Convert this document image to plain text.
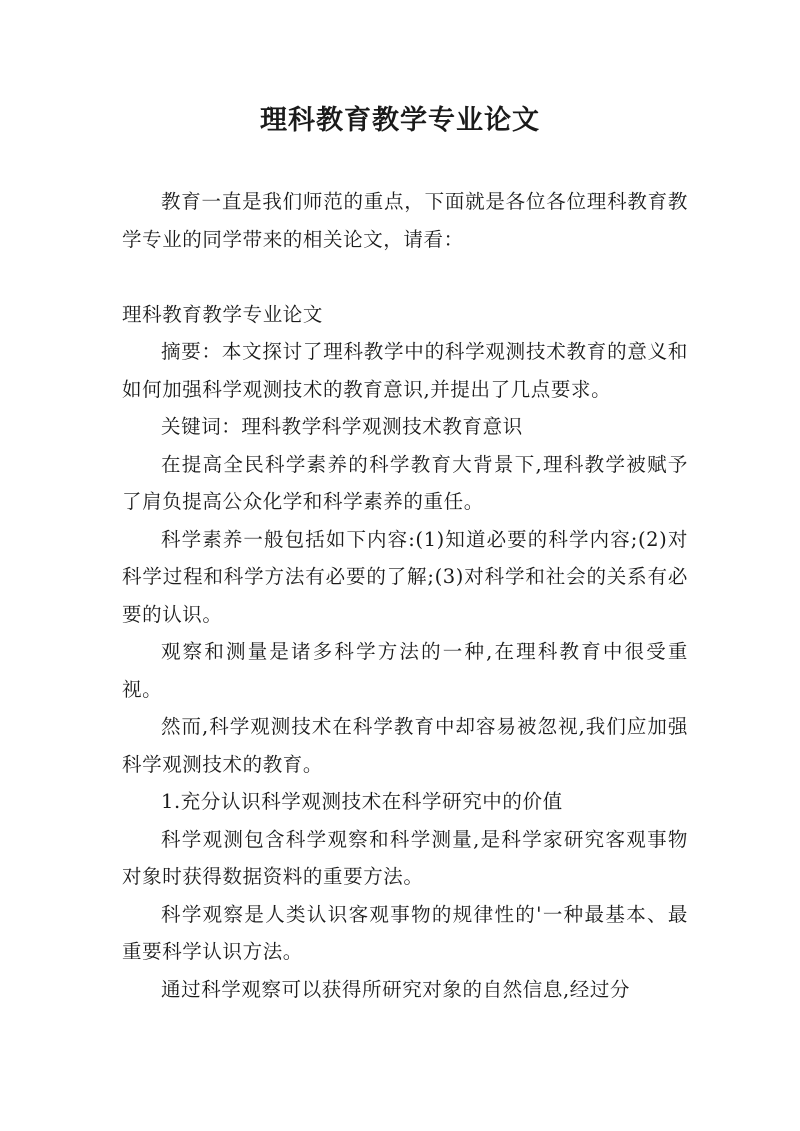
理科教育教学专业论文

教育一直是我们师范的重点，下面就是各位各位理科教育教学专业的同学带来的相关论文，请看：

理科教育教学专业论文

摘要：本文探讨了理科教学中的科学观测技术教育的意义和如何加强科学观测技术的教育意识,并提出了几点要求。

关键词：理科教学科学观测技术教育意识

在提高全民科学素养的科学教育大背景下,理科教学被赋予了肩负提高公众化学和科学素养的重任。

科学素养一般包括如下内容:(1)知道必要的科学内容;(2)对科学过程和科学方法有必要的了解;(3)对科学和社会的关系有必要的认识。

观察和测量是诸多科学方法的一种,在理科教育中很受重视。

然而,科学观测技术在科学教育中却容易被忽视,我们应加强科学观测技术的教育。

1.充分认识科学观测技术在科学研究中的价值

科学观测包含科学观察和科学测量,是科学家研究客观事物对象时获得数据资料的重要方法。

科学观察是人类认识客观事物的规律性的'一种最基本、最重要科学认识方法。

通过科学观察可以获得所研究对象的自然信息,经过分
